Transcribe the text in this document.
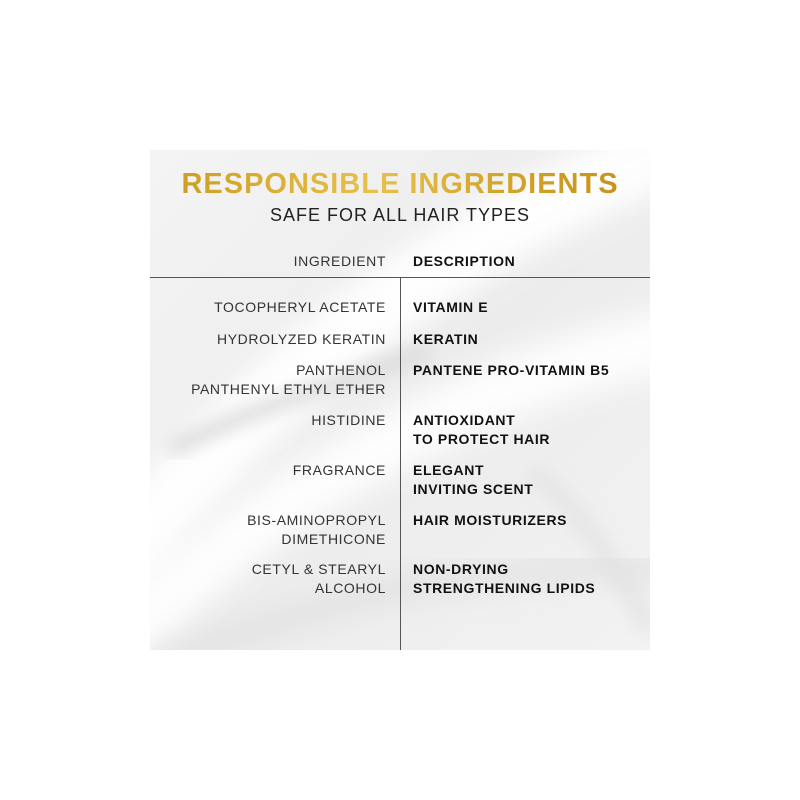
RESPONSIBLE INGREDIENTS
SAFE FOR ALL HAIR TYPES
INGREDIENT DESCRIPTION
TOCOPHERYL ACETATE VITAMIN E
HYDROLYZED KERATIN KERATIN
PANTHENOL
PANTHENYL ETHYL ETHER
PANTENE PRO-VITAMIN B5
HISTIDINE ANTIOXIDANT
TO PROTECT HAIR
FRAGRANCE ELEGANT
INVITING SCENT
BIS-AMINOPROPYL
DIMETHICONE
HAIR MOISTURIZERS
CETYL & STEARYL
ALCOHOL
NON-DRYING
STRENGTHENING LIPIDS
